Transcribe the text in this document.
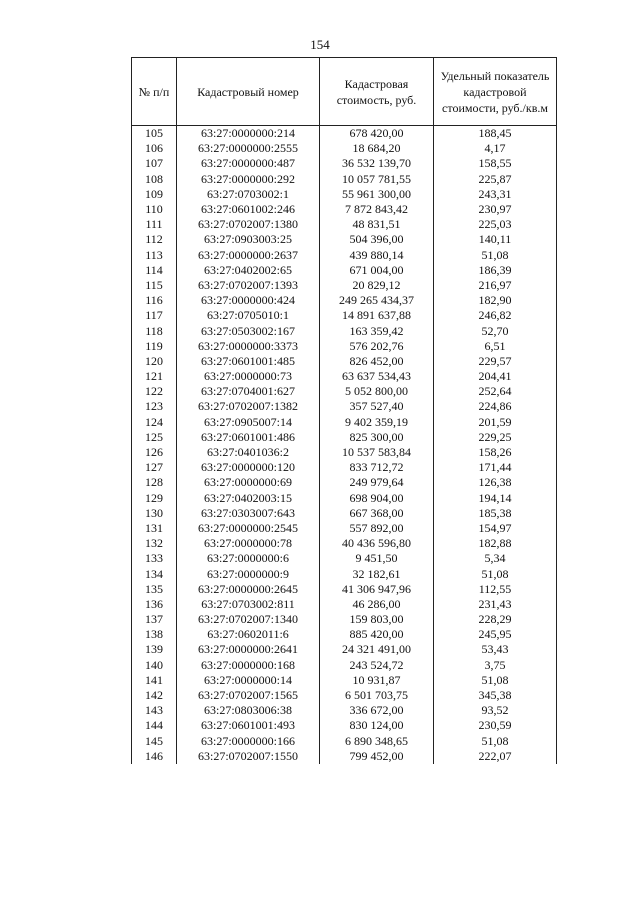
154
№ п/п	Кадастровый номер	Кадастровая стоимость, руб.	Удельный показатель кадастровой стоимости, руб./кв.м
105	63:27:0000000:214	678 420,00	188,45
106	63:27:0000000:2555	18 684,20	4,17
107	63:27:0000000:487	36 532 139,70	158,55
108	63:27:0000000:292	10 057 781,55	225,87
109	63:27:0703002:1	55 961 300,00	243,31
110	63:27:0601002:246	7 872 843,42	230,97
111	63:27:0702007:1380	48 831,51	225,03
112	63:27:0903003:25	504 396,00	140,11
113	63:27:0000000:2637	439 880,14	51,08
114	63:27:0402002:65	671 004,00	186,39
115	63:27:0702007:1393	20 829,12	216,97
116	63:27:0000000:424	249 265 434,37	182,90
117	63:27:0705010:1	14 891 637,88	246,82
118	63:27:0503002:167	163 359,42	52,70
119	63:27:0000000:3373	576 202,76	6,51
120	63:27:0601001:485	826 452,00	229,57
121	63:27:0000000:73	63 637 534,43	204,41
122	63:27:0704001:627	5 052 800,00	252,64
123	63:27:0702007:1382	357 527,40	224,86
124	63:27:0905007:14	9 402 359,19	201,59
125	63:27:0601001:486	825 300,00	229,25
126	63:27:0401036:2	10 537 583,84	158,26
127	63:27:0000000:120	833 712,72	171,44
128	63:27:0000000:69	249 979,64	126,38
129	63:27:0402003:15	698 904,00	194,14
130	63:27:0303007:643	667 368,00	185,38
131	63:27:0000000:2545	557 892,00	154,97
132	63:27:0000000:78	40 436 596,80	182,88
133	63:27:0000000:6	9 451,50	5,34
134	63:27:0000000:9	32 182,61	51,08
135	63:27:0000000:2645	41 306 947,96	112,55
136	63:27:0703002:811	46 286,00	231,43
137	63:27:0702007:1340	159 803,00	228,29
138	63:27:0602011:6	885 420,00	245,95
139	63:27:0000000:2641	24 321 491,00	53,43
140	63:27:0000000:168	243 524,72	3,75
141	63:27:0000000:14	10 931,87	51,08
142	63:27:0702007:1565	6 501 703,75	345,38
143	63:27:0803006:38	336 672,00	93,52
144	63:27:0601001:493	830 124,00	230,59
145	63:27:0000000:166	6 890 348,65	51,08
146	63:27:0702007:1550	799 452,00	222,07
